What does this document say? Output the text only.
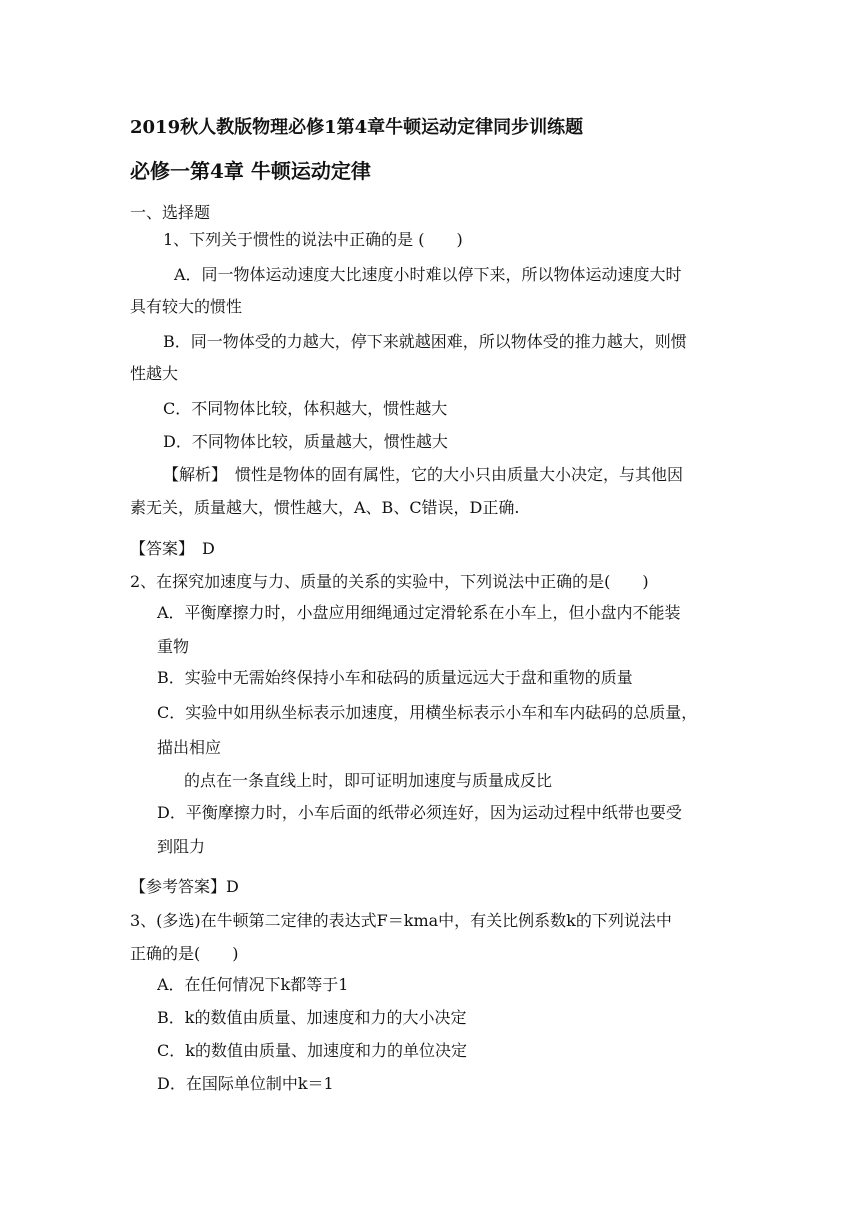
2019秋人教版物理必修1第4章牛顿运动定律同步训练题
必修一第4章 牛顿运动定律
一、选择题
1、下列关于惯性的说法中正确的是 (　　)
A．同一物体运动速度大比速度小时难以停下来，所以物体运动速度大时
具有较大的惯性
B．同一物体受的力越大，停下来就越困难，所以物体受的推力越大，则惯
性越大
C．不同物体比较，体积越大，惯性越大
D．不同物体比较，质量越大，惯性越大
【解析】　惯性是物体的固有属性，它的大小只由质量大小决定，与其他因
素无关，质量越大，惯性越大，A、B、C错误，D正确.
【答案】　D
2、在探究加速度与力、质量的关系的实验中，下列说法中正确的是(　　)
A．平衡摩擦力时，小盘应用细绳通过定滑轮系在小车上，但小盘内不能装
重物
B．实验中无需始终保持小车和砝码的质量远远大于盘和重物的质量
C．实验中如用纵坐标表示加速度，用横坐标表示小车和车内砝码的总质量，
描出相应
的点在一条直线上时，即可证明加速度与质量成反比
D．平衡摩擦力时，小车后面的纸带必须连好，因为运动过程中纸带也要受
到阻力
【参考答案】D
3、(多选)在牛顿第二定律的表达式F＝kma中，有关比例系数k的下列说法中
正确的是(　　)
A．在任何情况下k都等于1
B．k的数值由质量、加速度和力的大小决定
C．k的数值由质量、加速度和力的单位决定
D．在国际单位制中k＝1
